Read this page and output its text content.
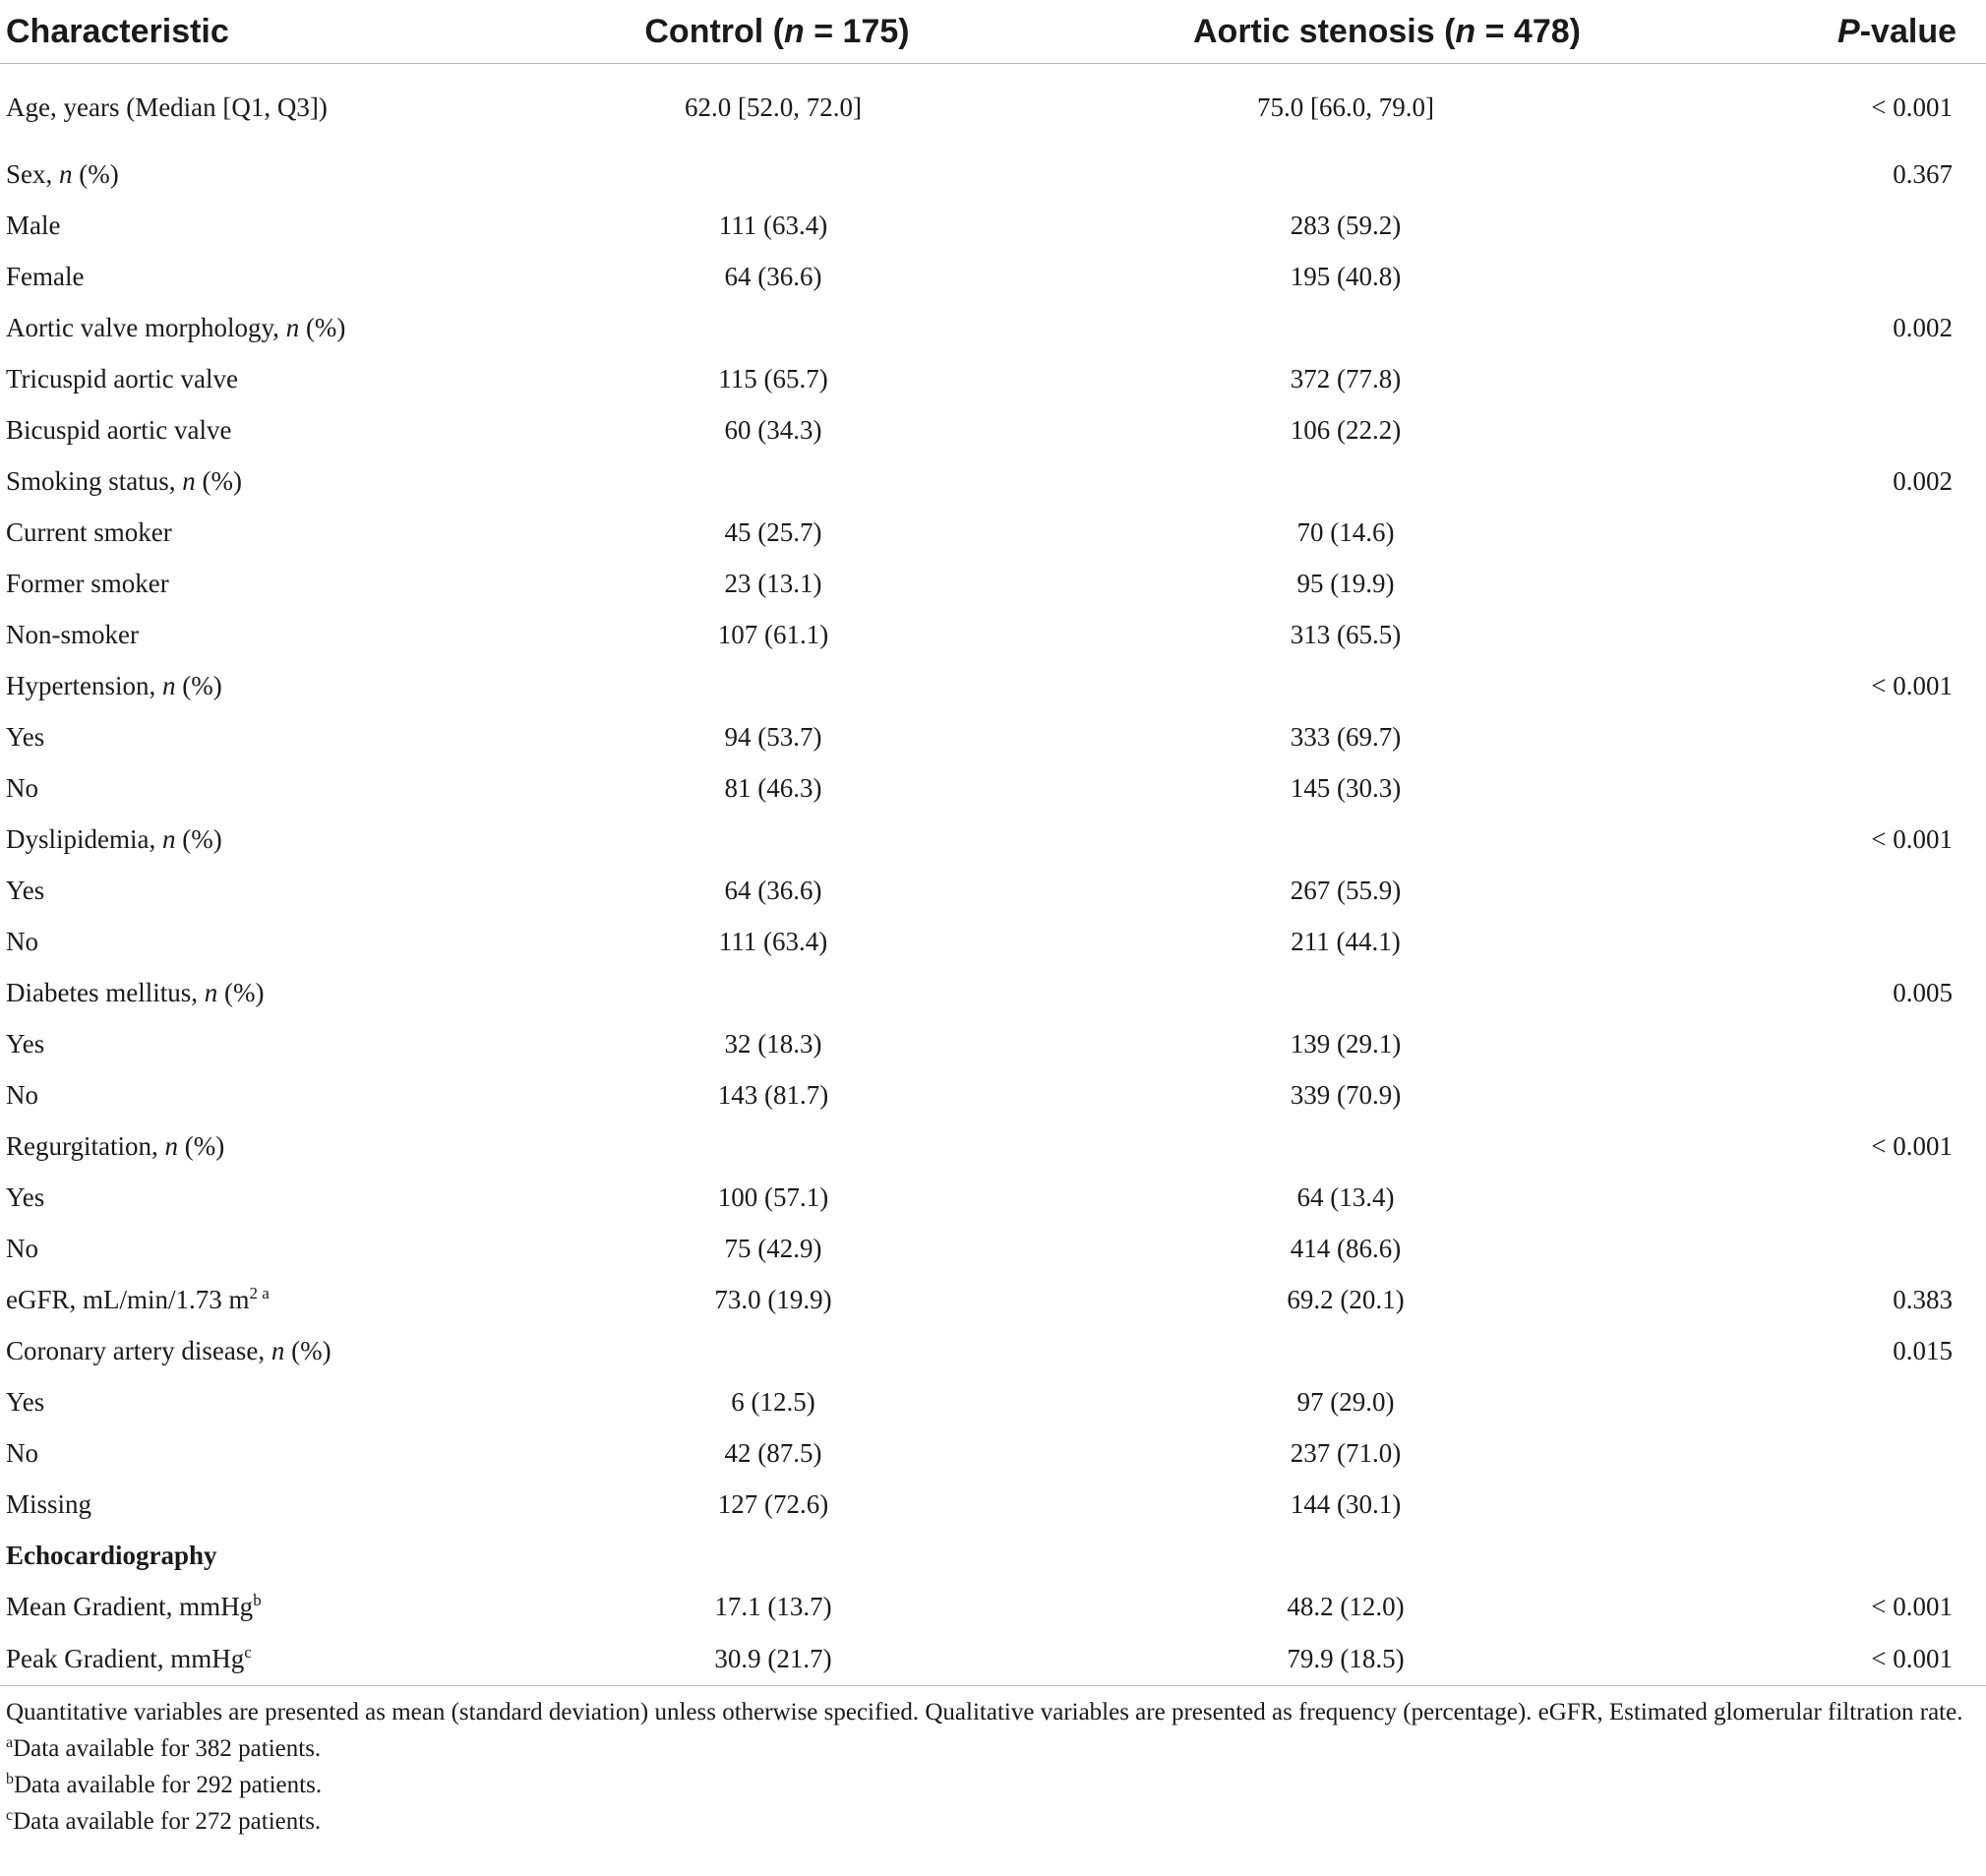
Characteristic	Control (n = 175)	Aortic stenosis (n = 478)	P-value
Age, years (Median [Q1, Q3])	62.0 [52.0, 72.0]	75.0 [66.0, 79.0]	< 0.001
Sex, n (%)			0.367
Male	111 (63.4)	283 (59.2)	
Female	64 (36.6)	195 (40.8)	
Aortic valve morphology, n (%)			0.002
Tricuspid aortic valve	115 (65.7)	372 (77.8)	
Bicuspid aortic valve	60 (34.3)	106 (22.2)	
Smoking status, n (%)			0.002
Current smoker	45 (25.7)	70 (14.6)	
Former smoker	23 (13.1)	95 (19.9)	
Non-smoker	107 (61.1)	313 (65.5)	
Hypertension, n (%)			< 0.001
Yes	94 (53.7)	333 (69.7)	
No	81 (46.3)	145 (30.3)	
Dyslipidemia, n (%)			< 0.001
Yes	64 (36.6)	267 (55.9)	
No	111 (63.4)	211 (44.1)	
Diabetes mellitus, n (%)			0.005
Yes	32 (18.3)	139 (29.1)	
No	143 (81.7)	339 (70.9)	
Regurgitation, n (%)			< 0.001
Yes	100 (57.1)	64 (13.4)	
No	75 (42.9)	414 (86.6)	
eGFR, mL/min/1.73 $m^{2 a}$	73.0 (19.9)	69.2 (20.1)	0.383
Coronary artery disease, n (%)			0.015
Yes	6 (12.5)	97 (29.0)	
No	42 (87.5)	237 (71.0)	
Missing	127 (72.6)	144 (30.1)	
Echocardiography			
Mean Gradient, mmHg$^b$	17.1 (13.7)	48.2 (12.0)	< 0.001
Peak Gradient, mmHg$^c$	30.9 (21.7)	79.9 (18.5)	< 0.001

Quantitative variables are presented as mean (standard deviation) unless otherwise specified. Qualitative variables are presented as frequency (percentage). eGFR, Estimated glomerular filtration rate.

$^a$Data available for 382 patients.

$^b$Data available for 292 patients.

$^c$Data available for 272 patients.
